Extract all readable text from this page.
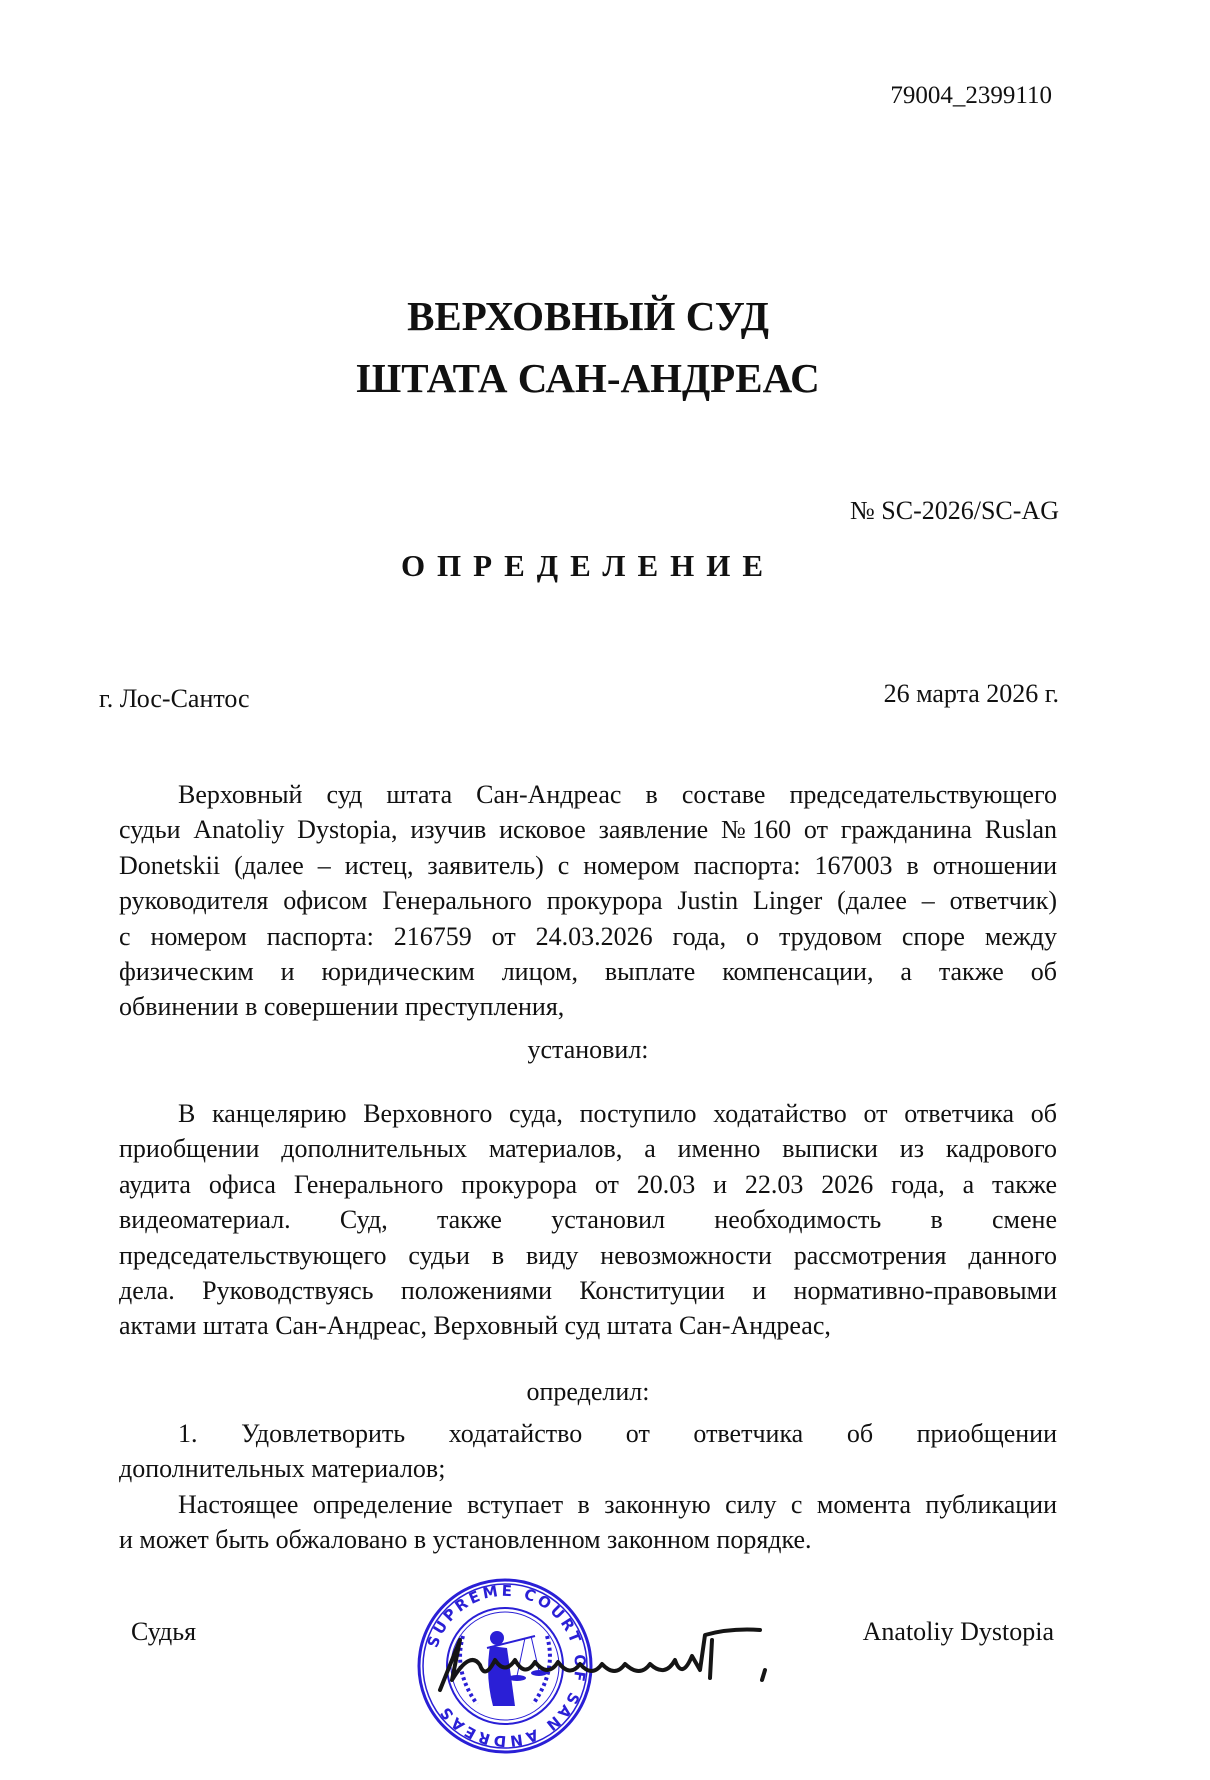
79004_2399110
ВЕРХОВНЫЙ СУД
ШТАТА САН-АНДРЕАС
№ SC-2026/SC-AG
ОПРЕДЕЛЕНИЕ
г. Лос-Сантос	26 марта 2026 г.
Верховный суд штата Сан-Андреас в составе председательствующего
судьи Anatoliy Dystopia, изучив исковое заявление №160 от гражданина Ruslan
Donetskii (далее – истец, заявитель) с номером паспорта: 167003 в отношении
руководителя офисом Генерального прокурора Justin Linger (далее – ответчик)
с номером паспорта: 216759 от 24.03.2026 года, о трудовом споре между
физическим и юридическим лицом, выплате компенсации, а также об
обвинении в совершении преступления,
установил:
В канцелярию Верховного суда, поступило ходатайство от ответчика об
приобщении дополнительных материалов, а именно выписки из кадрового
аудита офиса Генерального прокурора от 20.03 и 22.03 2026 года, а также
видеоматериал. Суд, также установил необходимость в смене
председательствующего судьи в виду невозможности рассмотрения данного
дела. Руководствуясь положениями Конституции и нормативно-правовыми
актами штата Сан-Андреас, Верховный суд штата Сан-Андреас,
определил:
1. Удовлетворить ходатайство от ответчика об приобщении
дополнительных материалов;
Настоящее определение вступает в законную силу с момента публикации
и может быть обжаловано в установленном законном порядке.
Судья	Anatoliy Dystopia
SUPREME COURT OF SAN ANDREAS
